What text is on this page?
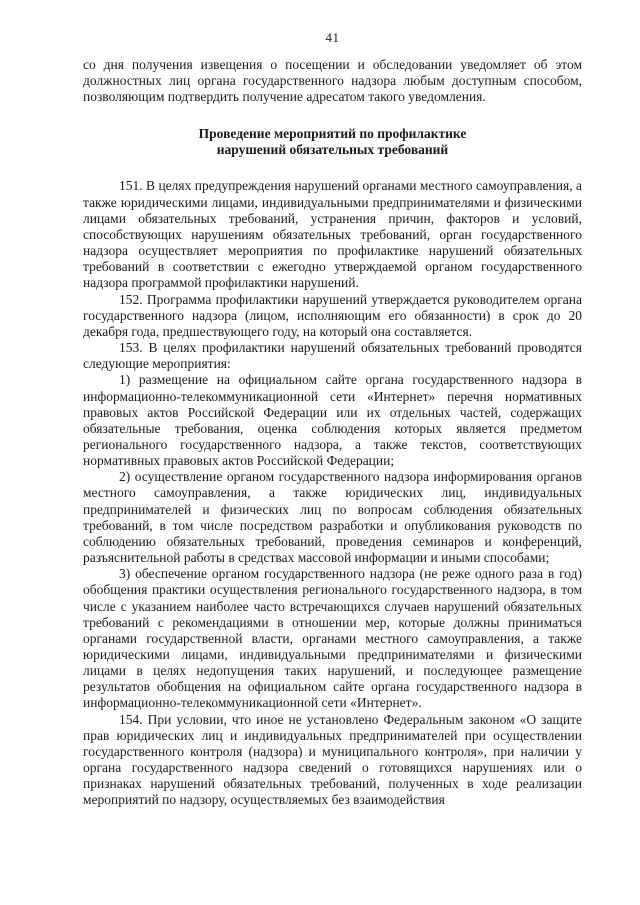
41

со дня получения извещения о посещении и обследовании уведомляет об этом должностных лиц органа государственного надзора любым доступным способом, позволяющим подтвердить получение адресатом такого уведомления.

Проведение мероприятий по профилактике
нарушений обязательных требований

151. В целях предупреждения нарушений органами местного самоуправления, а также юридическими лицами, индивидуальными предпринимателями и физическими лицами обязательных требований, устранения причин, факторов и условий, способствующих нарушениям обязательных требований, орган государственного надзора осуществляет мероприятия по профилактике нарушений обязательных требований в соответствии с ежегодно утверждаемой органом государственного надзора программой профилактики нарушений.

152. Программа профилактики нарушений утверждается руководителем органа государственного надзора (лицом, исполняющим его обязанности) в срок до 20 декабря года, предшествующего году, на который она составляется.

153. В целях профилактики нарушений обязательных требований проводятся следующие мероприятия:

1) размещение на официальном сайте органа государственного надзора в информационно-телекоммуникационной сети «Интернет» перечня нормативных правовых актов Российской Федерации или их отдельных частей, содержащих обязательные требования, оценка соблюдения которых является предметом регионального государственного надзора, а также текстов, соответствующих нормативных правовых актов Российской Федерации;

2) осуществление органом государственного надзора информирования органов местного самоуправления, а также юридических лиц, индивидуальных предпринимателей и физических лиц по вопросам соблюдения обязательных требований, в том числе посредством разработки и опубликования руководств по соблюдению обязательных требований, проведения семинаров и конференций, разъяснительной работы в средствах массовой информации и иными способами;

3) обеспечение органом государственного надзора (не реже одного раза в год) обобщения практики осуществления регионального государственного надзора, в том числе с указанием наиболее часто встречающихся случаев нарушений обязательных требований с рекомендациями в отношении мер, которые должны приниматься органами государственной власти, органами местного самоуправления, а также юридическими лицами, индивидуальными предпринимателями и физическими лицами в целях недопущения таких нарушений, и последующее размещение результатов обобщения на официальном сайте органа государственного надзора в информационно-телекоммуникационной сети «Интернет».

154. При условии, что иное не установлено Федеральным законом «О защите прав юридических лиц и индивидуальных предпринимателей при осуществлении государственного контроля (надзора) и муниципального контроля», при наличии у органа государственного надзора сведений о готовящихся нарушениях или о признаках нарушений обязательных требований, полученных в ходе реализации мероприятий по надзору, осуществляемых без взаимодействия
